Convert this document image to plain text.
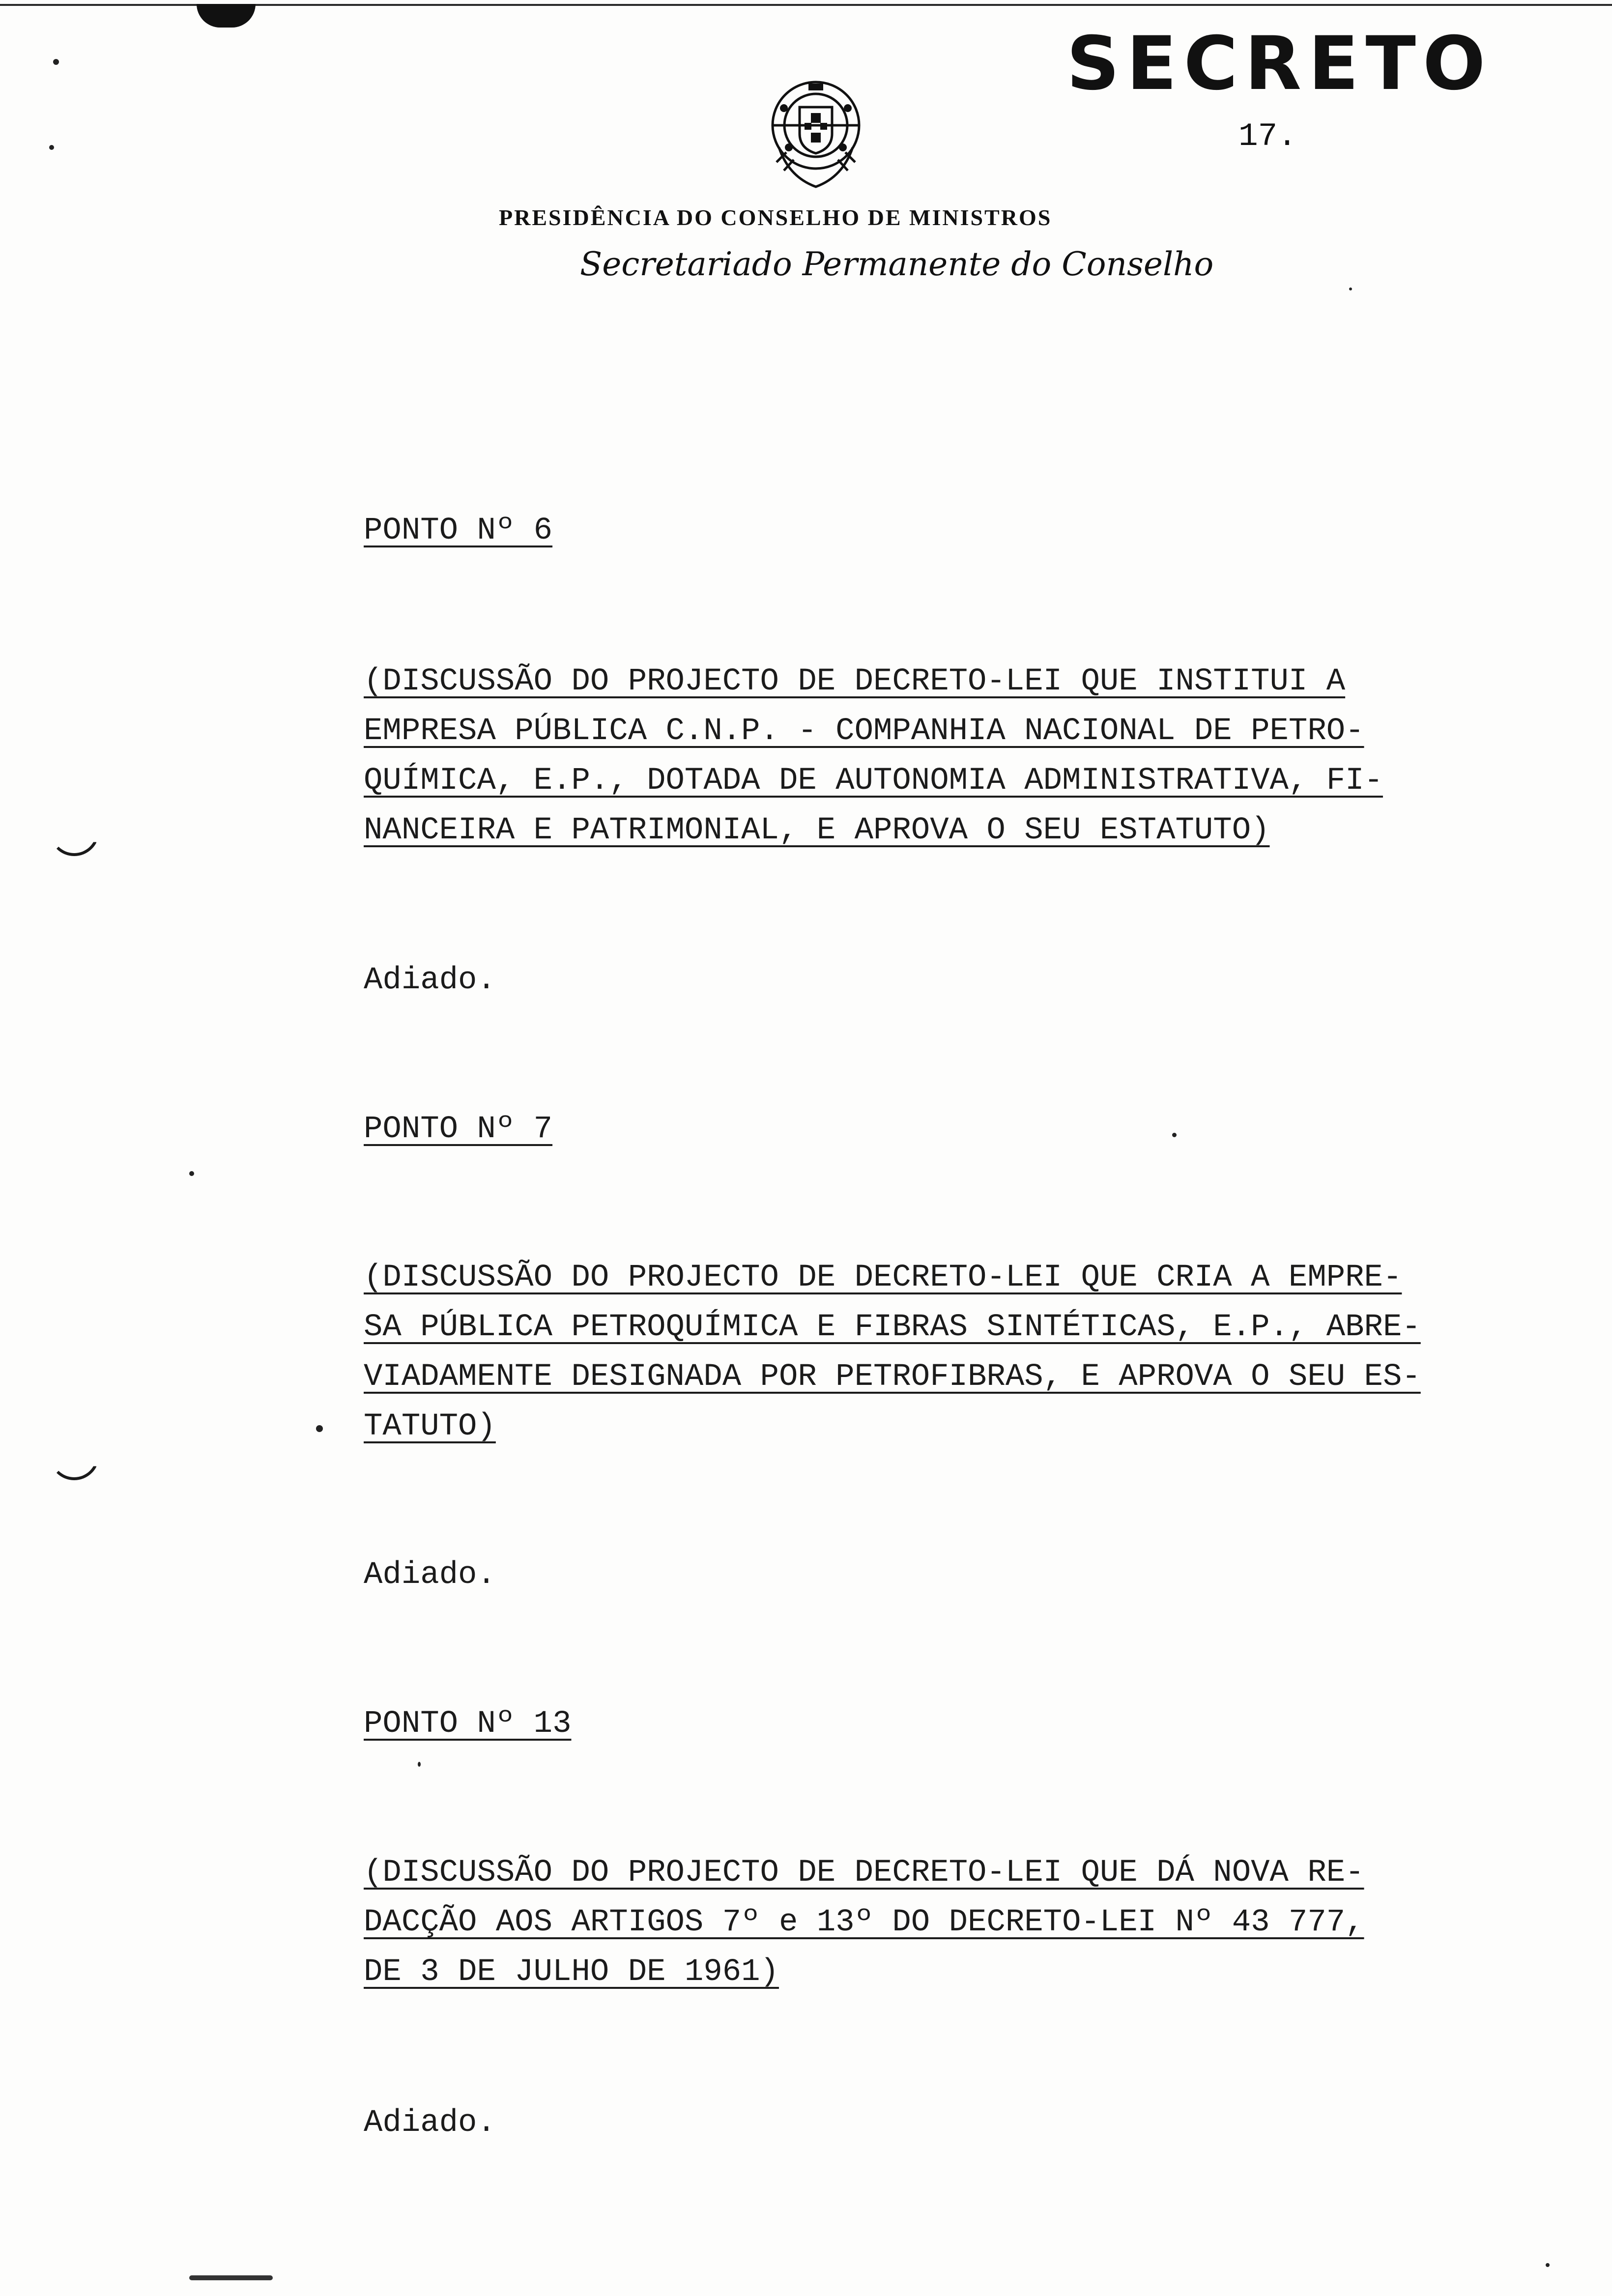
SECRETO
17.
PRESIDÊNCIA DO CONSELHO DE MINISTROS
Secretariado Permanente do Conselho

PONTO Nº 6

(DISCUSSÃO DO PROJECTO DE DECRETO-LEI QUE INSTITUI A

EMPRESA PÚBLICA C.N.P. - COMPANHIA NACIONAL DE PETRO-

QUÍMICA, E.P., DOTADA DE AUTONOMIA ADMINISTRATIVA, FI-

NANCEIRA E PATRIMONIAL, E APROVA O SEU ESTATUTO)

Adiado.

PONTO Nº 7

(DISCUSSÃO DO PROJECTO DE DECRETO-LEI QUE CRIA A EMPRE-

SA PÚBLICA PETROQUÍMICA E FIBRAS SINTÉTICAS, E.P., ABRE-

VIADAMENTE DESIGNADA POR PETROFIBRAS, E APROVA O SEU ES-

TATUTO)

Adiado.

PONTO Nº 13

(DISCUSSÃO DO PROJECTO DE DECRETO-LEI QUE DÁ NOVA RE-

DACÇÃO AOS ARTIGOS 7º e 13º DO DECRETO-LEI Nº 43 777,

DE 3 DE JULHO DE 1961)

Adiado.
